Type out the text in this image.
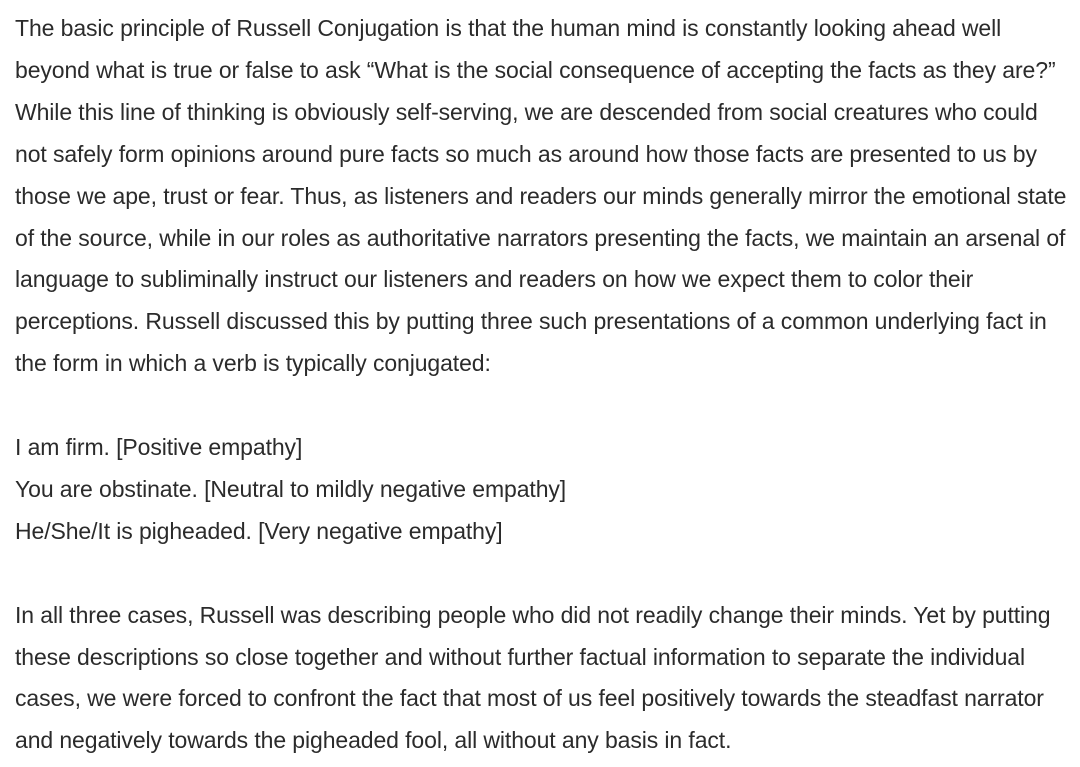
The basic principle of Russell Conjugation is that the human mind is constantly looking ahead well beyond what is true or false to ask “What is the social consequence of accepting the facts as they are?” While this line of thinking is obviously self-serving, we are descended from social creatures who could not safely form opinions around pure facts so much as around how those facts are presented to us by those we ape, trust or fear. Thus, as listeners and readers our minds generally mirror the emotional state of the source, while in our roles as authoritative narrators presenting the facts, we maintain an arsenal of language to subliminally instruct our listeners and readers on how we expect them to color their perceptions. Russell discussed this by putting three such presentations of a common underlying fact in the form in which a verb is typically conjugated:

I am firm. [Positive empathy]
You are obstinate. [Neutral to mildly negative empathy]
He/She/It is pigheaded. [Very negative empathy]

In all three cases, Russell was describing people who did not readily change their minds. Yet by putting these descriptions so close together and without further factual information to separate the individual cases, we were forced to confront the fact that most of us feel positively towards the steadfast narrator and negatively towards the pigheaded fool, all without any basis in fact.
